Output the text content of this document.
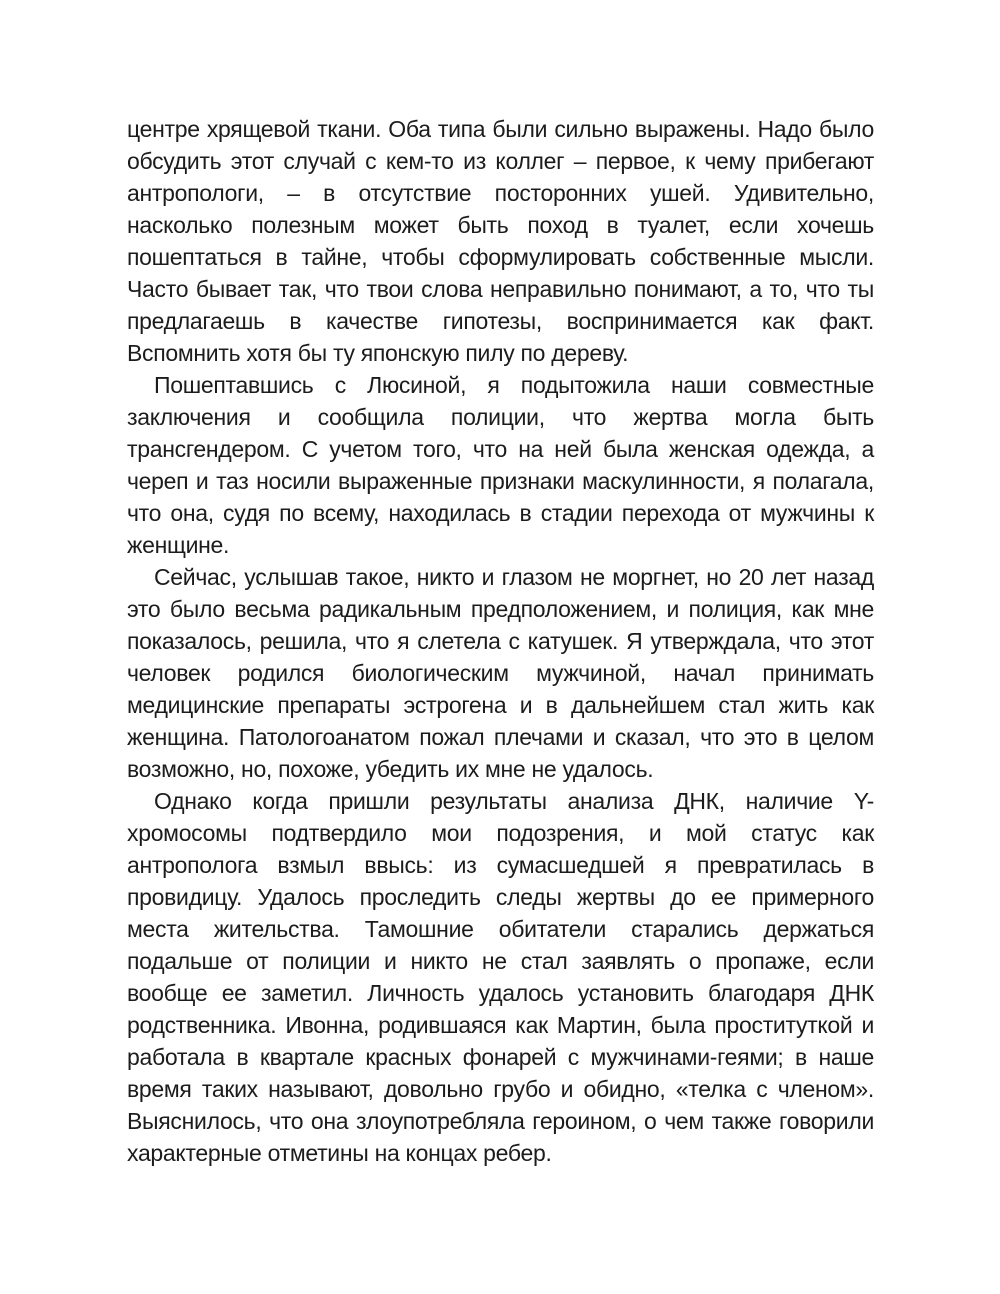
центре хрящевой ткани. Оба типа были сильно выражены. Надо было обсудить этот случай с кем-то из коллег – первое, к чему прибегают антропологи, – в отсутствие посторонних ушей. Удивительно, насколько полезным может быть поход в туалет, если хочешь пошептаться в тайне, чтобы сформулировать собственные мысли. Часто бывает так, что твои слова неправильно понимают, а то, что ты предлагаешь в качестве гипотезы, воспринимается как факт. Вспомнить хотя бы ту японскую пилу по дереву.

Пошептавшись с Люсиной, я подытожила наши совместные заключения и сообщила полиции, что жертва могла быть трансгендером. С учетом того, что на ней была женская одежда, а череп и таз носили выраженные признаки маскулинности, я полагала, что она, судя по всему, находилась в стадии перехода от мужчины к женщине.

Сейчас, услышав такое, никто и глазом не моргнет, но 20 лет назад это было весьма радикальным предположением, и полиция, как мне показалось, решила, что я слетела с катушек. Я утверждала, что этот человек родился биологическим мужчиной, начал принимать медицинские препараты эстрогена и в дальнейшем стал жить как женщина. Патологоанатом пожал плечами и сказал, что это в целом возможно, но, похоже, убедить их мне не удалось.

Однако когда пришли результаты анализа ДНК, наличие Y-хромосомы подтвердило мои подозрения, и мой статус как антрополога взмыл ввысь: из сумасшедшей я превратилась в провидицу. Удалось проследить следы жертвы до ее примерного места жительства. Тамошние обитатели старались держаться подальше от полиции и никто не стал заявлять о пропаже, если вообще ее заметил. Личность удалось установить благодаря ДНК родственника. Ивонна, родившаяся как Мартин, была проституткой и работала в квартале красных фонарей с мужчинами-геями; в наше время таких называют, довольно грубо и обидно, «телка с членом». Выяснилось, что она злоупотребляла героином, о чем также говорили характерные отметины на концах ребер.
